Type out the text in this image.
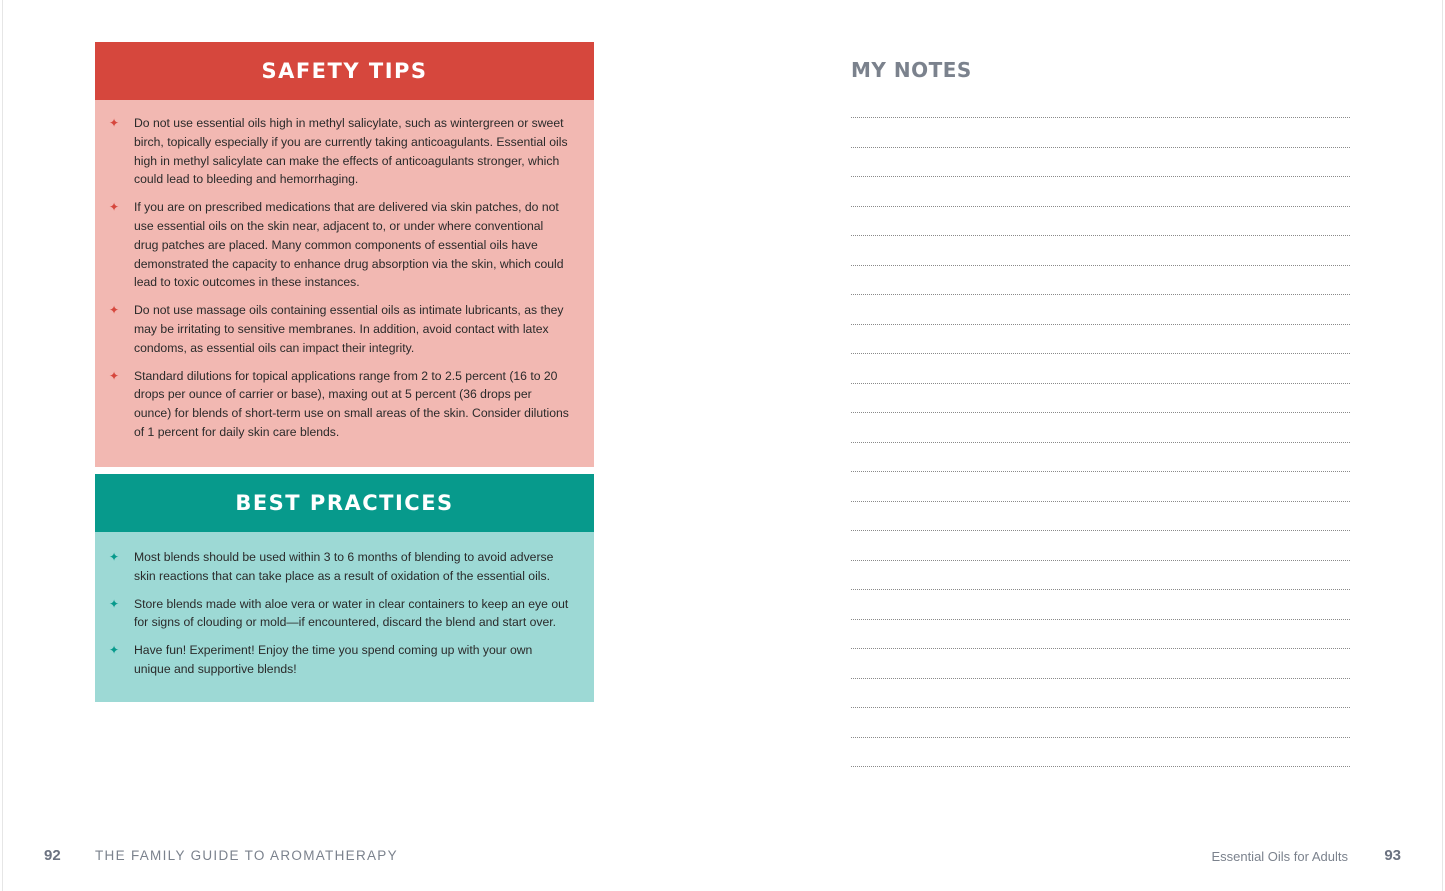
SAFETY TIPS
✦ Do not use essential oils high in methyl salicylate, such as wintergreen or sweet birch, topically especially if you are currently taking anticoagulants. Essential oils high in methyl salicylate can make the effects of anticoagulants stronger, which could lead to bleeding and hemorrhaging.
✦ If you are on prescribed medications that are delivered via skin patches, do not use essential oils on the skin near, adjacent to, or under where conventional drug patches are placed. Many common components of essential oils have demonstrated the capacity to enhance drug absorption via the skin, which could lead to toxic outcomes in these instances.
✦ Do not use massage oils containing essential oils as intimate lubricants, as they may be irritating to sensitive membranes. In addition, avoid contact with latex condoms, as essential oils can impact their integrity.
✦ Standard dilutions for topical applications range from 2 to 2.5 percent (16 to 20 drops per ounce of carrier or base), maxing out at 5 percent (36 drops per ounce) for blends of short-term use on small areas of the skin. Consider dilutions of 1 percent for daily skin care blends.
BEST PRACTICES
✦ Most blends should be used within 3 to 6 months of blending to avoid adverse skin reactions that can take place as a result of oxidation of the essential oils.
✦ Store blends made with aloe vera or water in clear containers to keep an eye out for signs of clouding or mold—if encountered, discard the blend and start over.
✦ Have fun! Experiment! Enjoy the time you spend coming up with your own unique and supportive blends!
MY NOTES
92	THE FAMILY GUIDE TO AROMATHERAPY	Essential Oils for Adults 93
